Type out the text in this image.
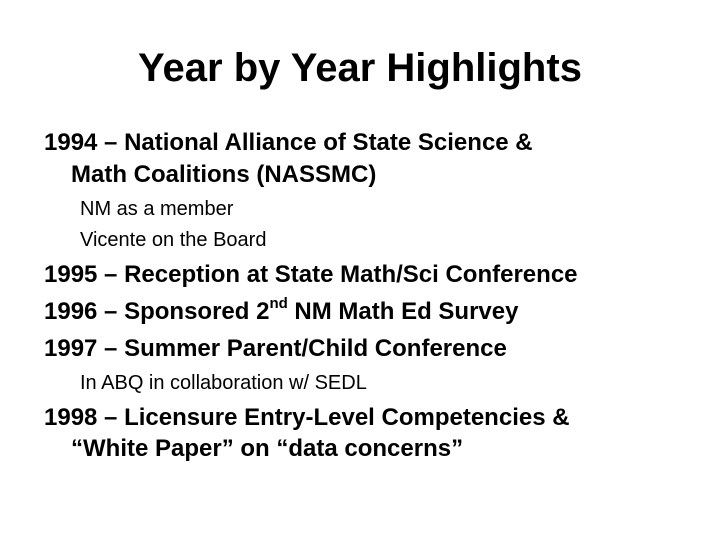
Year by Year Highlights
1994 – National Alliance of State Science &
Math Coalitions (NASSMC)
NM as a member
Vicente on the Board
1995 – Reception at State Math/Sci Conference
1996 – Sponsored 2nd NM Math Ed Survey
1997 – Summer Parent/Child Conference
In ABQ in collaboration w/ SEDL
1998 – Licensure Entry-Level Competencies &
“White Paper” on “data concerns”
